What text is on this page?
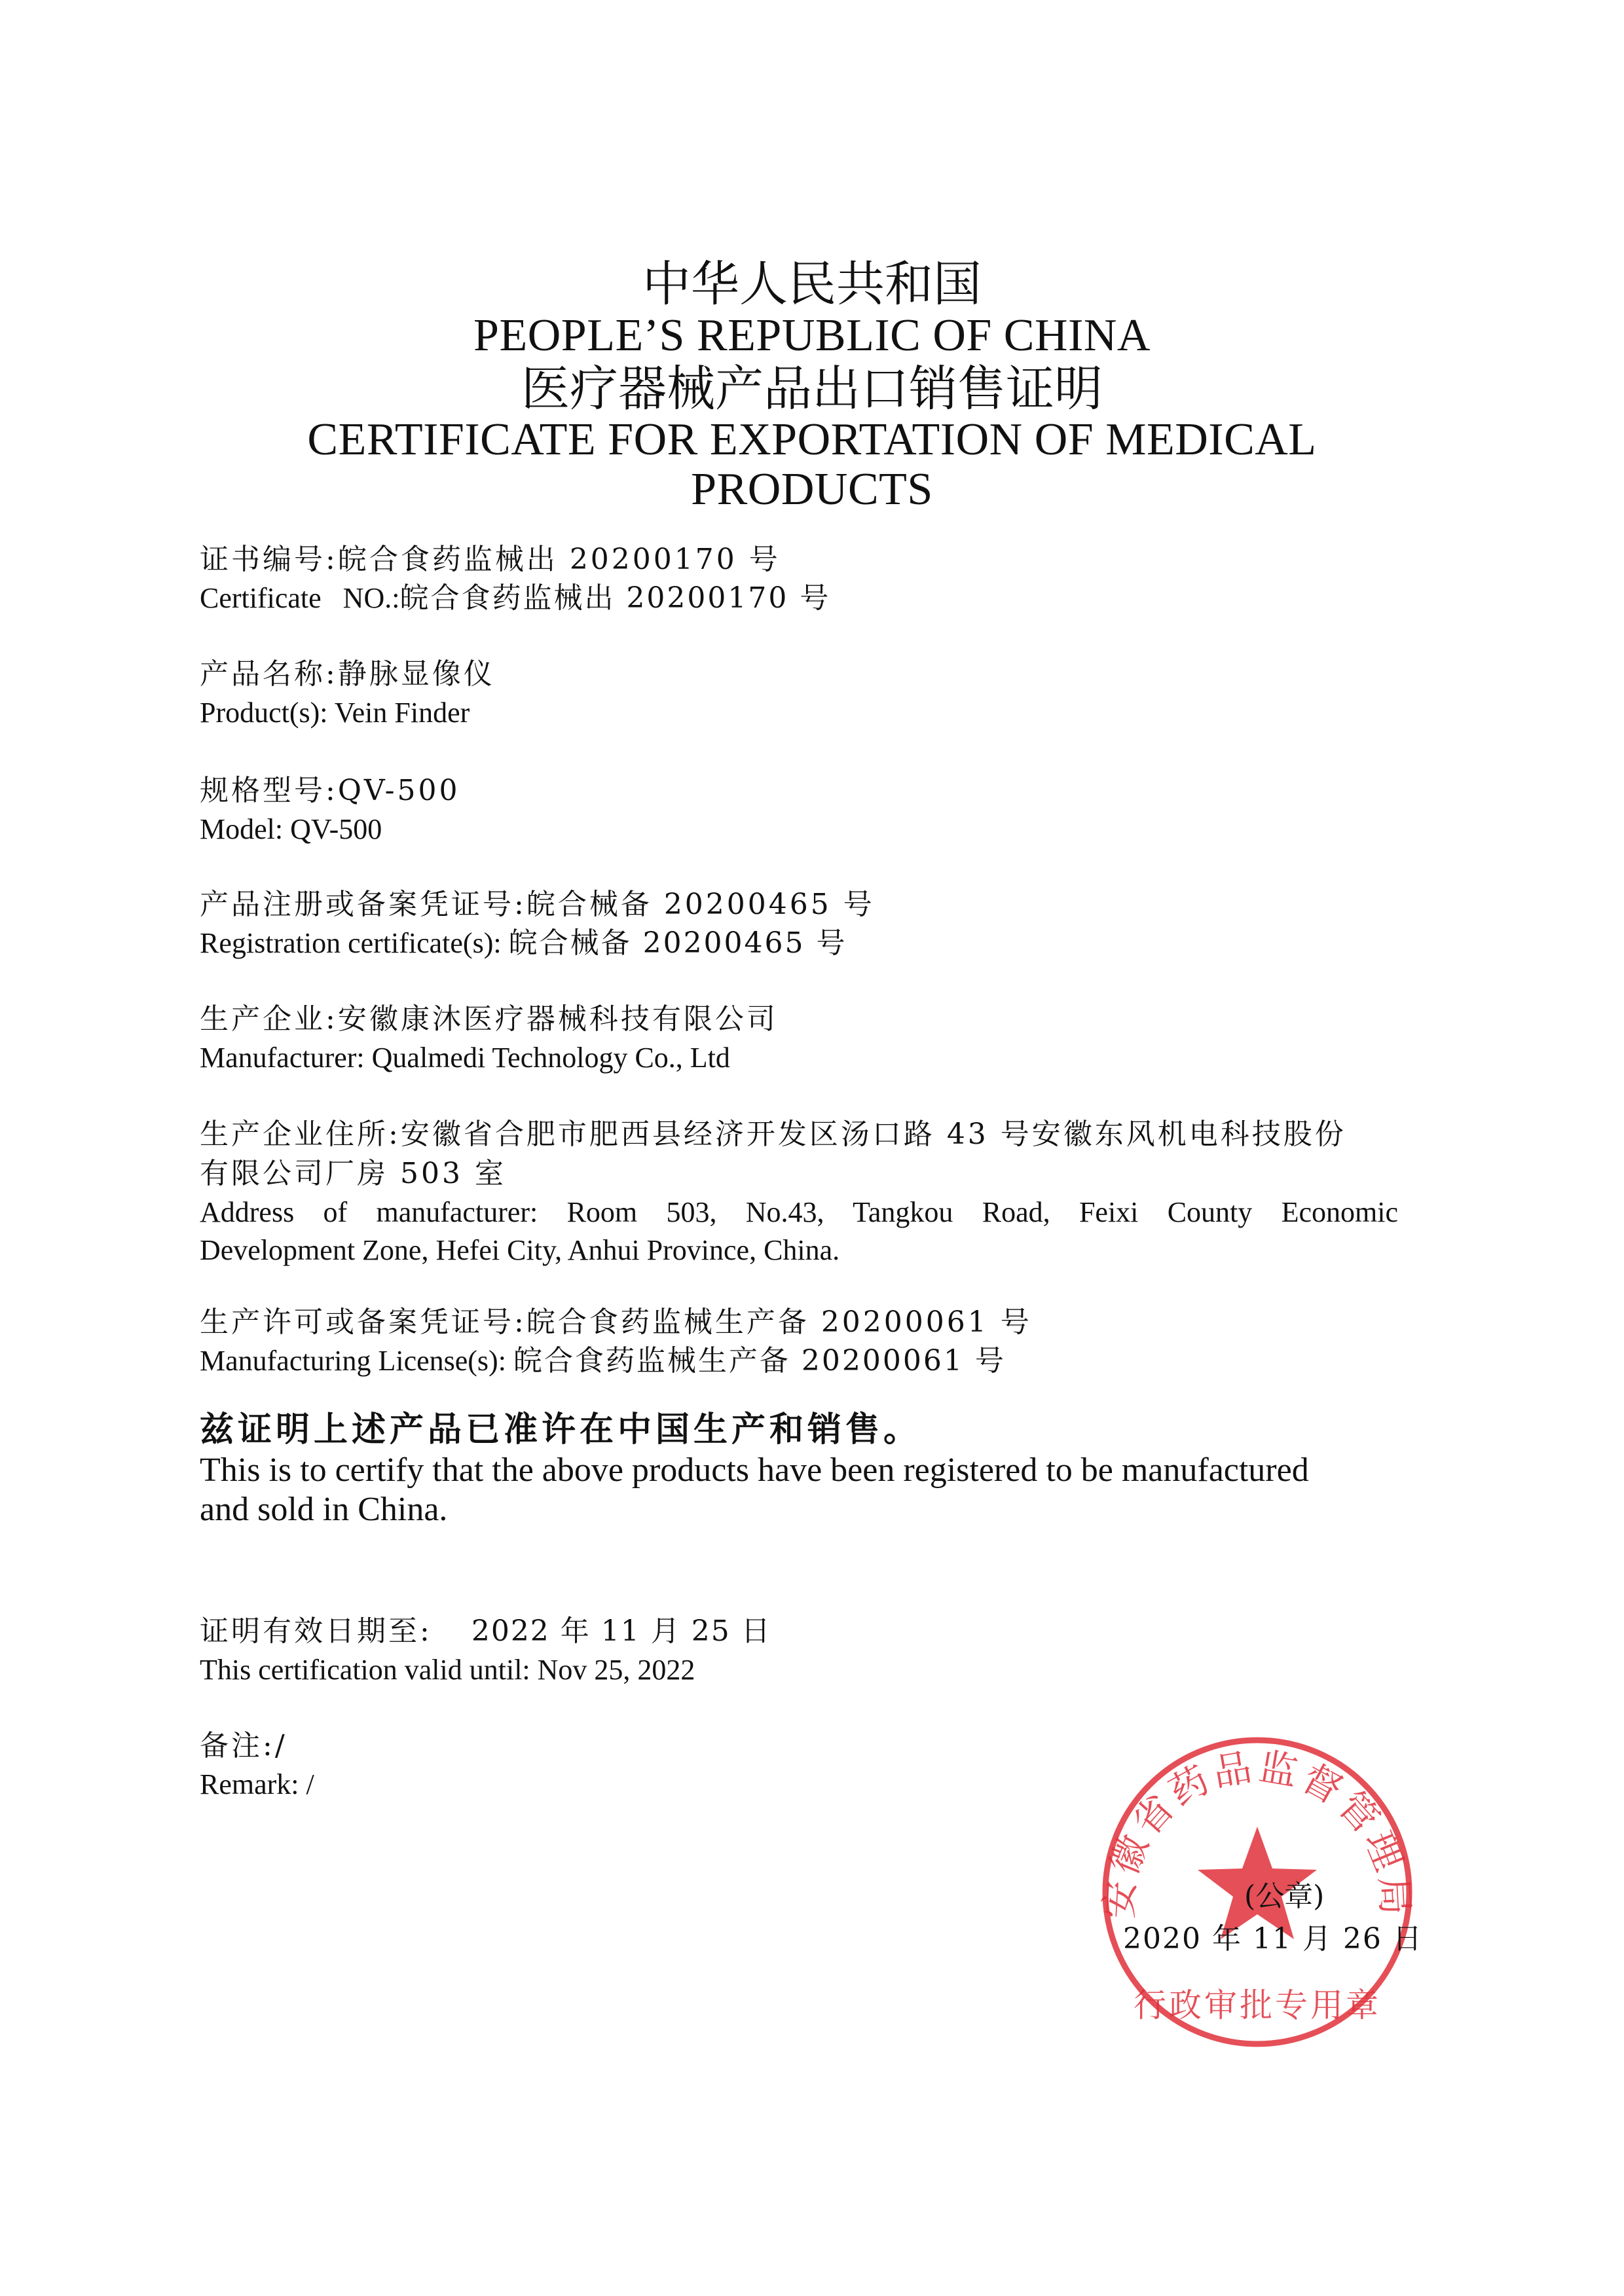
中华人民共和国
PEOPLE’S REPUBLIC OF CHINA
医疗器械产品出口销售证明
CERTIFICATE FOR EXPORTATION OF MEDICAL
PRODUCTS
证书编号:皖合食药监械出 20200170 号
Certificate   NO.:皖合食药监械出 20200170 号
产品名称:静脉显像仪
Product(s): Vein Finder
规格型号:QV-500
Model: QV-500
产品注册或备案凭证号:皖合械备 20200465 号
Registration certificate(s): 皖合械备 20200465 号
生产企业:安徽康沐医疗器械科技有限公司
Manufacturer: Qualmedi Technology Co., Ltd
生产企业住所:安徽省合肥市肥西县经济开发区汤口路 43 号安徽东风机电科技股份
有限公司厂房 503 室
Address of manufacturer: Room 503, No.43, Tangkou Road, Feixi County Economic
Development Zone, Hefei City, Anhui Province, China.
生产许可或备案凭证号:皖合食药监械生产备 20200061 号
Manufacturing License(s): 皖合食药监械生产备 20200061 号
兹证明上述产品已准许在中国生产和销售。
This is to certify that the above products have been registered to be manufactured
and sold in China.
证明有效日期至: 2022 年 11 月 25 日
This certification valid until: Nov 25, 2022
备注:/
Remark: /
安徽省药品监督管理局
行政审批专用章
(公章)
2020 年 11 月 26 日
